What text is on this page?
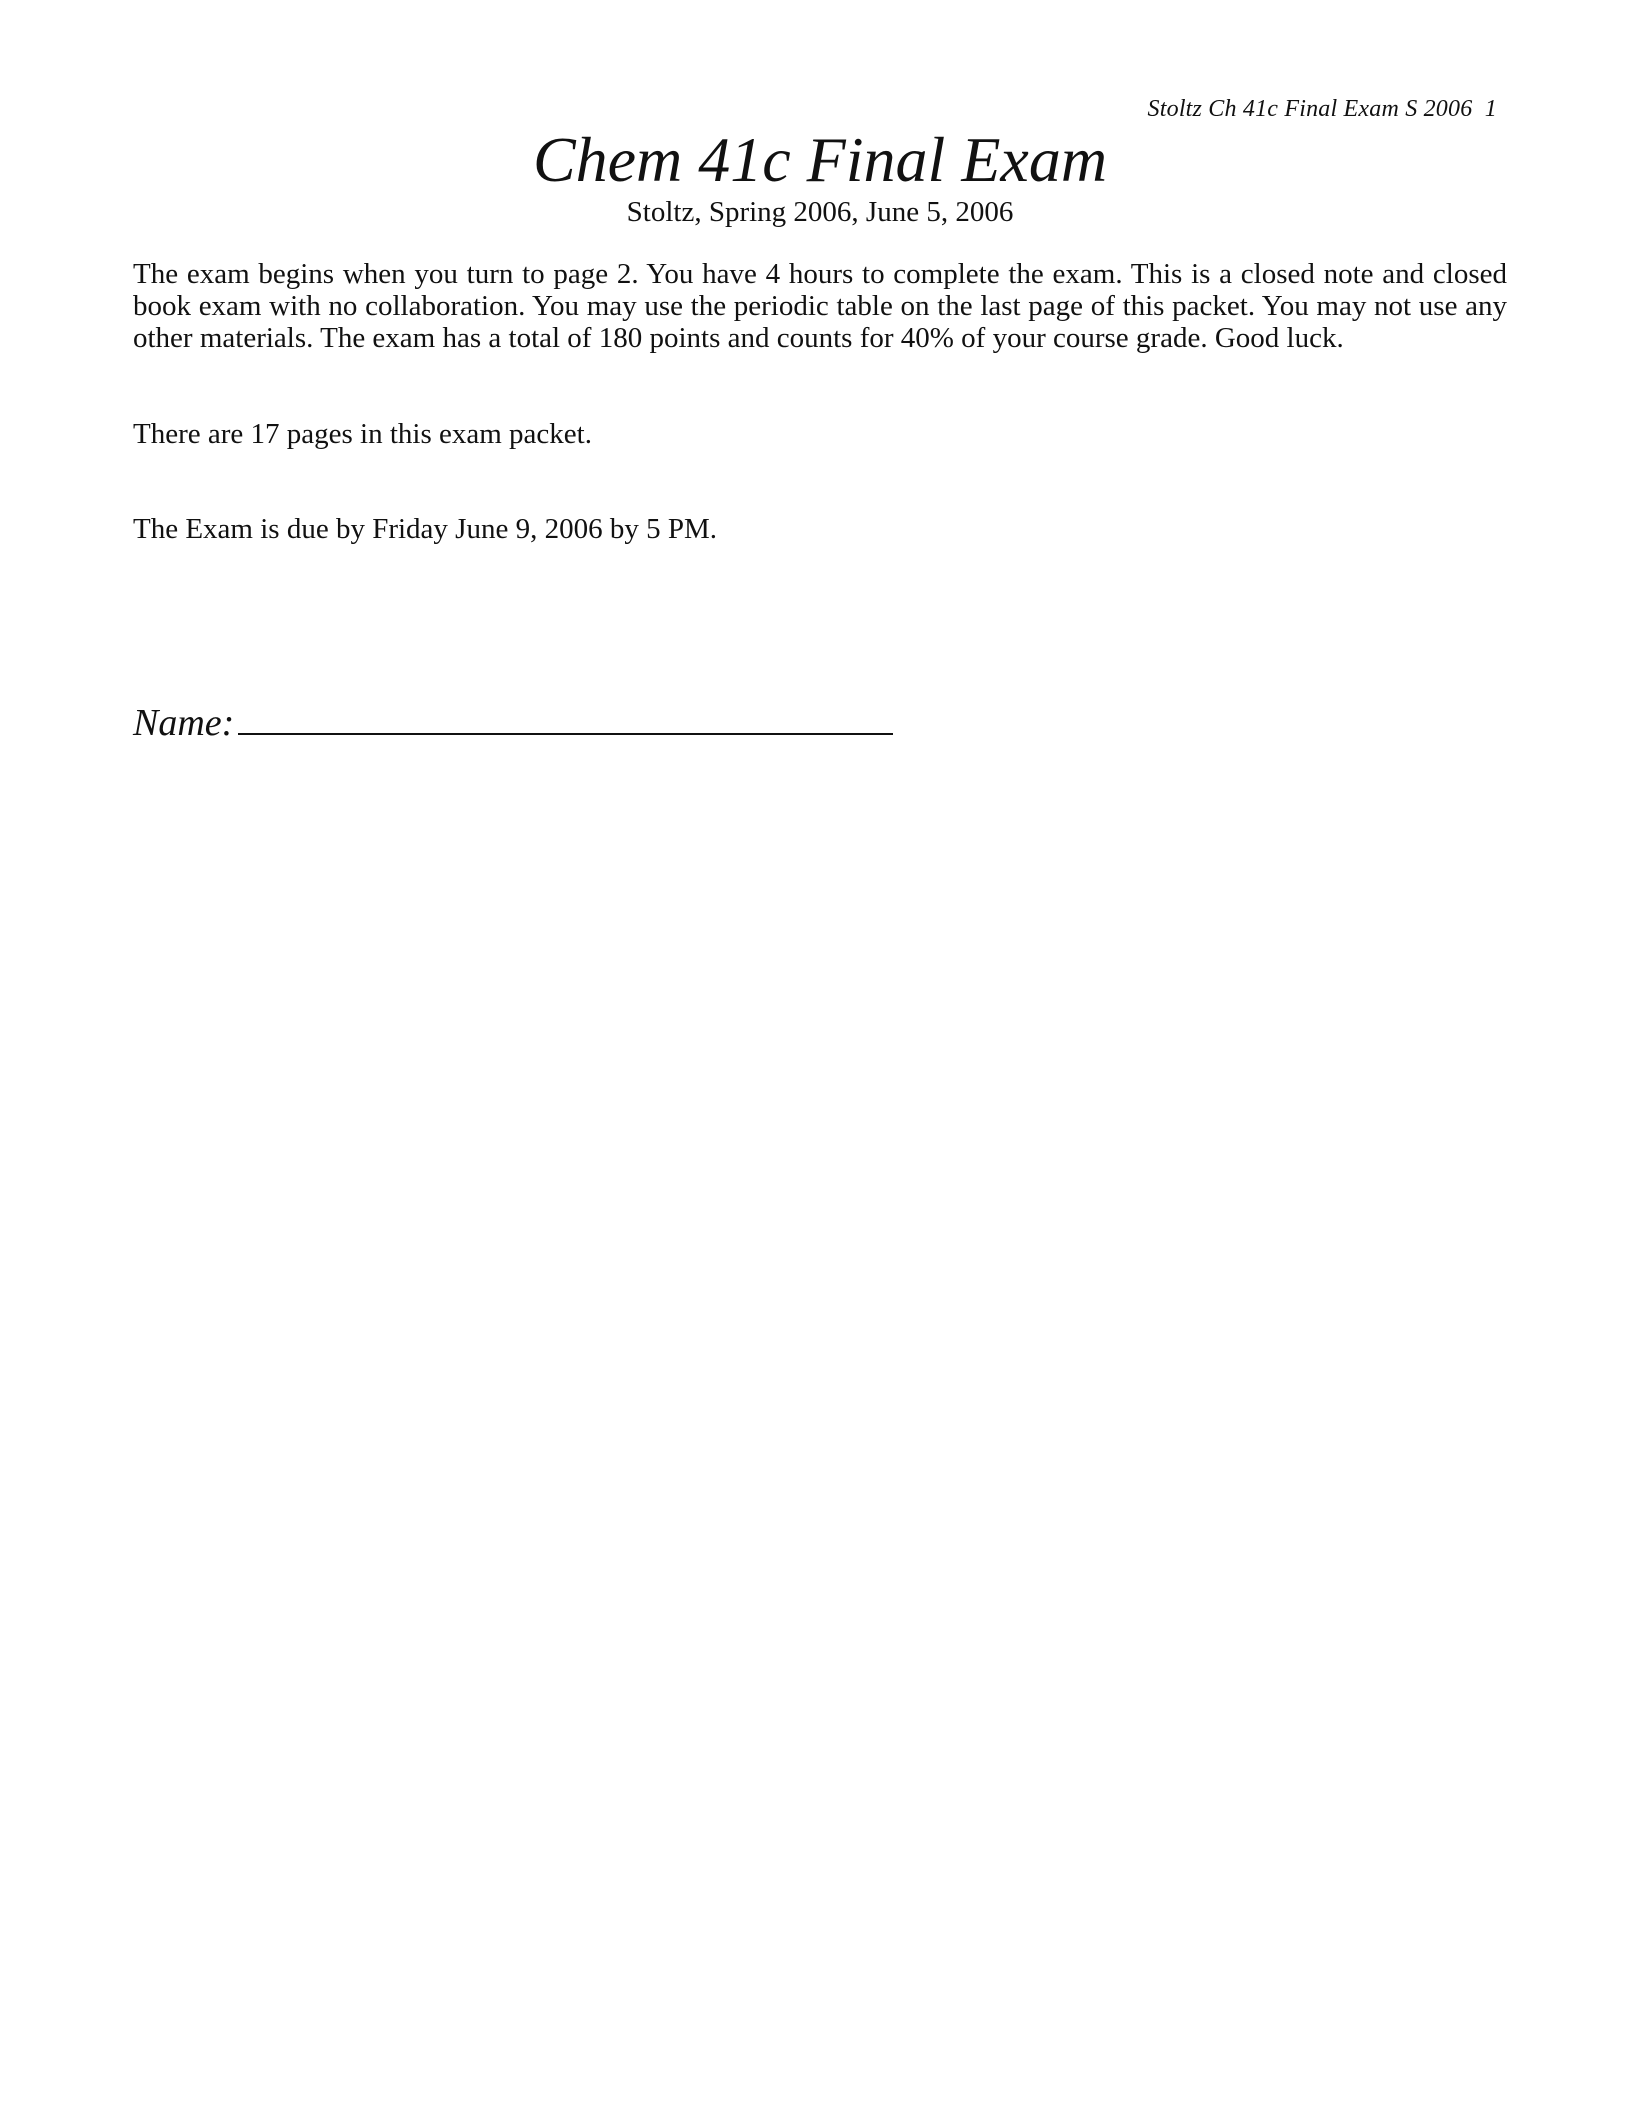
Stoltz Ch 41c Final Exam S 2006  1
Chem 41c Final Exam
Stoltz, Spring 2006, June 5, 2006
The exam begins when you turn to page 2. You have 4 hours to complete the exam. This is a closed note and closed book exam with no collaboration. You may use the periodic table on the last page of this packet. You may not use any other materials. The exam has a total of 180 points and counts for 40% of your course grade. Good luck.
There are 17 pages in this exam packet.
The Exam is due by Friday June 9, 2006 by 5 PM.
Name:
